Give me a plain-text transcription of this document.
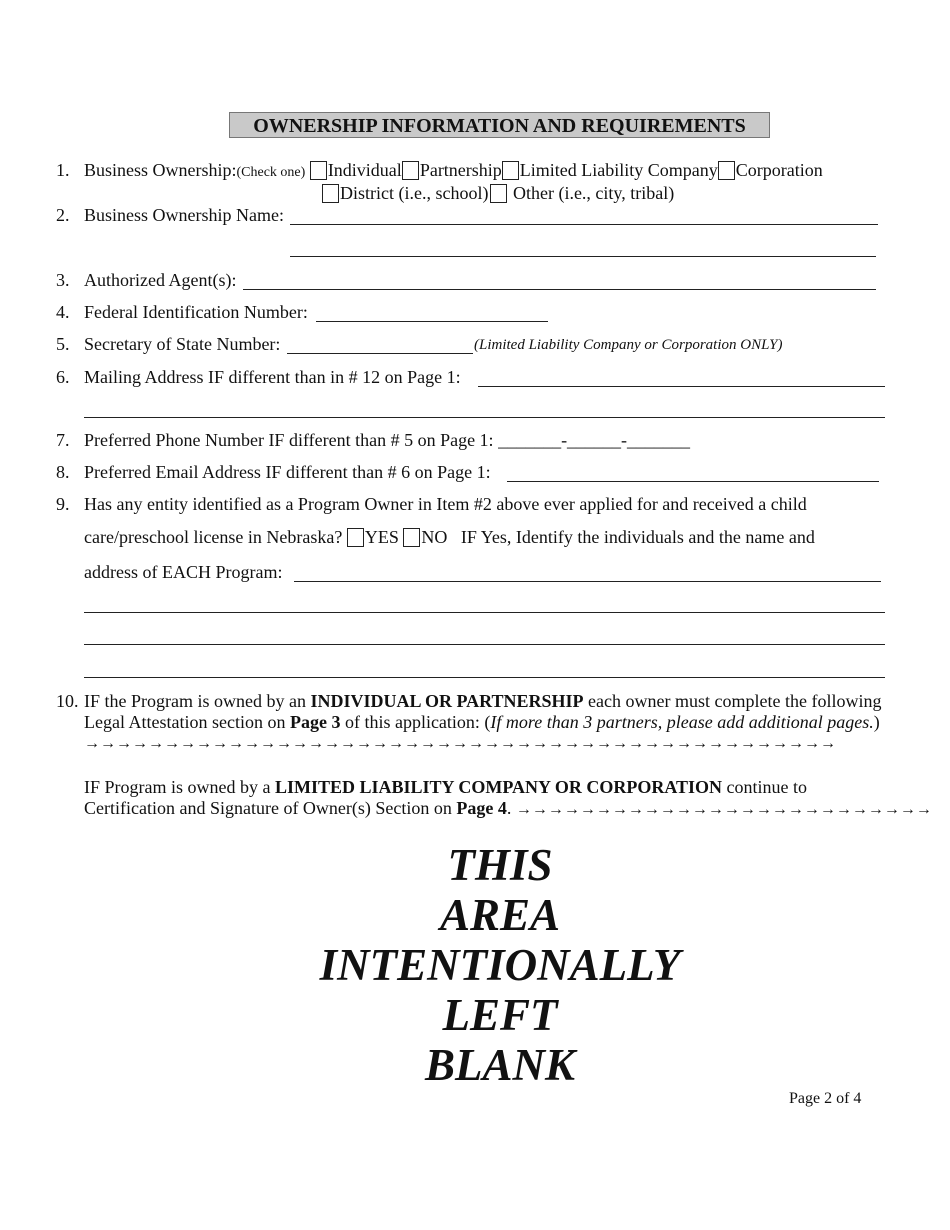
OWNERSHIP INFORMATION AND REQUIREMENTS
1. Business Ownership:(Check one) Individual Partnership Limited Liability Company Corporation
District (i.e., school) Other (i.e., city, tribal)
2. Business Ownership Name:
3. Authorized Agent(s):
4. Federal Identification Number:
5. Secretary of State Number:	(Limited Liability Company or Corporation ONLY)
6. Mailing Address IF different than in # 12 on Page 1:
7. Preferred Phone Number IF different than # 5 on Page 1: _______-______-_______
8. Preferred Email Address IF different than # 6 on Page 1:
9. Has any entity identified as a Program Owner in Item #2 above ever applied for and received a child
care/preschool license in Nebraska? YES NO IF Yes, Identify the individuals and the name and
address of EACH Program:
10. IF the Program is owned by an INDIVIDUAL OR PARTNERSHIP each owner must complete the following
Legal Attestation section on Page 3 of this application: (If more than 3 partners, please add additional pages.)
→→→→→→→→→→→→→→→→→→→→→→→→→→→→→→→→→→→→→→→→→→→→→→→
IF Program is owned by a LIMITED LIABILITY COMPANY OR CORPORATION continue to
Certification and Signature of Owner(s) Section on Page 4. →→→→→→→→→→→→→→→→→→→→→→→→→→
THIS
AREA
INTENTIONALLY
LEFT
BLANK
Page 2 of 4
